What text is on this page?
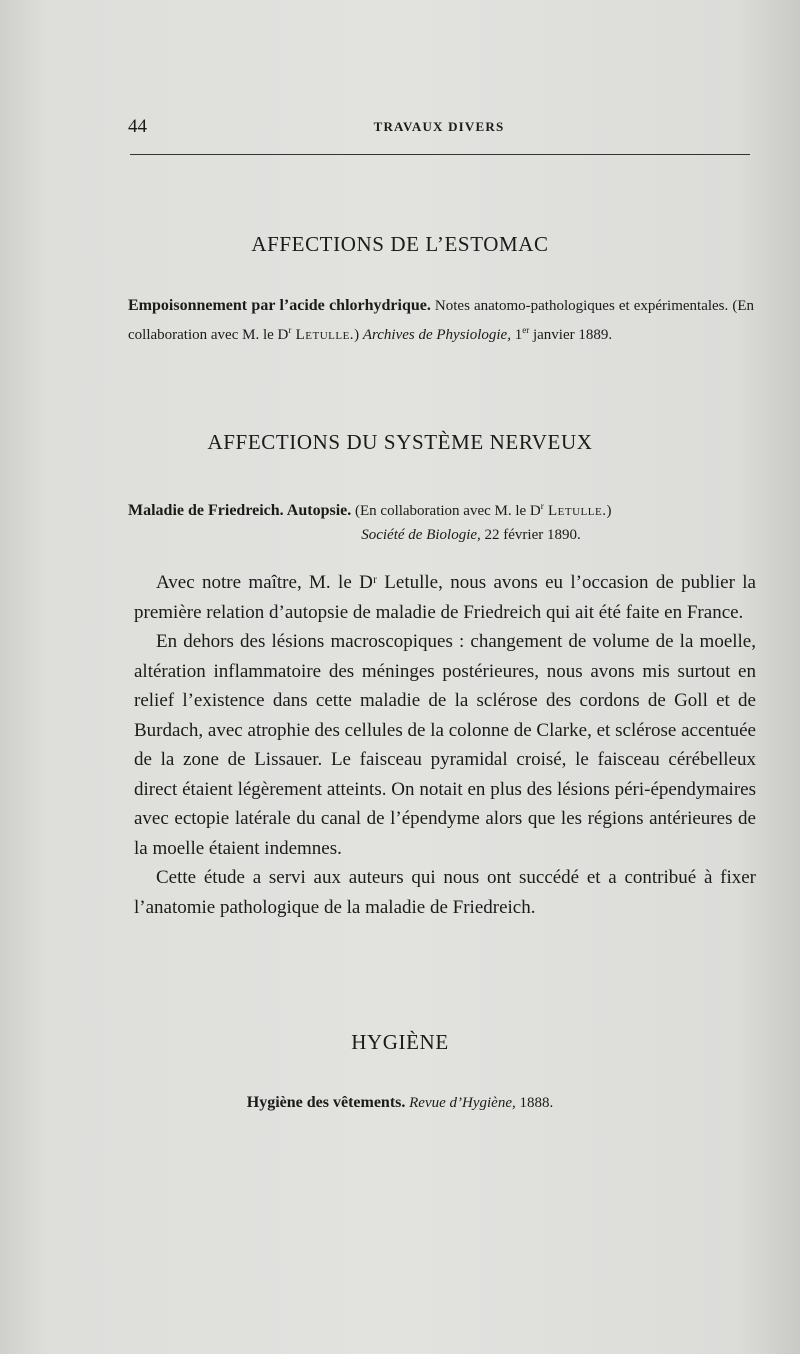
44	TRAVAUX DIVERS
AFFECTIONS DE L’ESTOMAC
Empoisonnement par l’acide chlorhydrique. Notes anatomo-pathologiques et expérimentales. (En collaboration avec M. le $D^r$ Letulle.) Archives de Physiologie, 1er janvier 1889.
AFFECTIONS DU SYSTÈME NERVEUX
Maladie de Friedreich. Autopsie. (En collaboration avec M. le $D^r$ Letulle.)
Société de Biologie, 22 février 1890.

Avec notre maître, M. le Dʳ Letulle, nous avons eu l’occasion de publier la première relation d’autopsie de maladie de Friedreich qui ait été faite en France.

En dehors des lésions macroscopiques : changement de volume de la moelle, altération inflammatoire des méninges postérieures, nous avons mis surtout en relief l’existence dans cette maladie de la sclérose des cordons de Goll et de Burdach, avec atrophie des cellules de la colonne de Clarke, et sclérose accentuée de la zone de Lissauer. Le faisceau pyramidal croisé, le faisceau cérébelleux direct étaient légèrement atteints. On notait en plus des lésions péri-épendymaires avec ectopie latérale du canal de l’épendyme alors que les régions antérieures de la moelle étaient indemnes.

Cette étude a servi aux auteurs qui nous ont succédé et a contribué à fixer l’anatomie pathologique de la maladie de Friedreich.

HYGIÈNE
Hygiène des vêtements. Revue d’Hygiène, 1888.
